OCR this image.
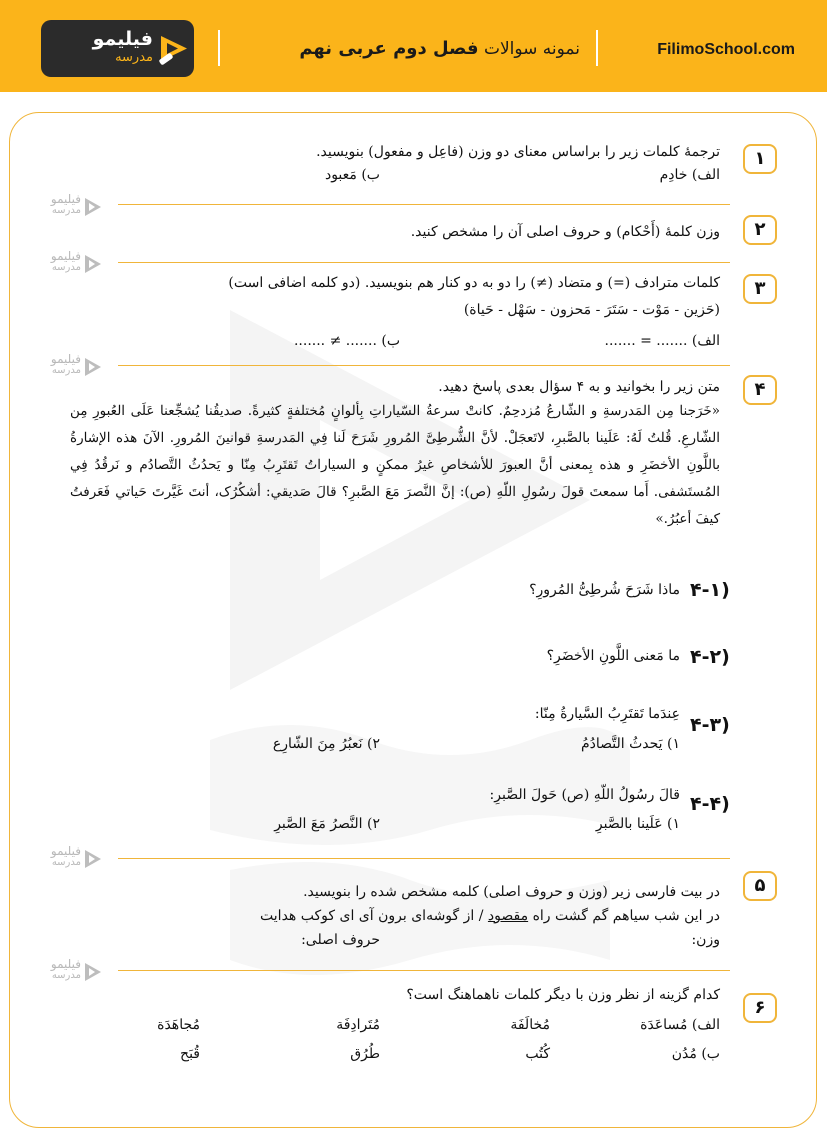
فیلیمو
مدرسه	نمونه سوالات فصل دوم عربی نهم	FilimoSchool.com
فیلیمو
مدرسه
فیلیمو
مدرسه
فیلیمو
مدرسه
فیلیمو
مدرسه
فیلیمو
مدرسه
۱
ترجمهٔ کلمات زیر را براساس معنای دو وزن (فاعِل و مفعول) بنویسید.
الف) خادِم
ب) مَعبود
۲
وزن کلمهٔ (أَحْکام) و حروف اصلی آن را مشخص کنید.
۳
کلمات مترادف (=) و متضاد (≠) را دو به دو کنار هم بنویسید. (دو کلمه اضافی است)
(حَزین - مَوْت - سَتَرَ - مَحزون - سَهْل - حَیاة)
الف) ....... = .......
ب) ....... ≠ .......
۴
متن زیر را بخوانید و به ۴ سؤال بعدی پاسخ دهید.
«خَرَجنا مِن المَدرسةِ و الشّارعُ مُزدحِمٌ. کانتْ سرعةُ السّیاراتِ بِألوانٍ مُختلفةٍ کثیرةً. صدیقُنا یُشجِّعنا عَلَی العُبورِ مِن الشّارعِ. قُلتُ لَهُ: عَلَینا بالصَّبرِ، لاتَعجَلْ. لأنَّ الشُّرطِیَّ المُرورِ شَرَحَ لَنا فِي المَدرسةِ قوانینَ المُرورِ. الآنَ هذه الإشارةُ باللَّونِ الأخضَرِ و هذه بِمعنی أنَّ العبورَ للأشخاصِ غیرُ ممکنٍ و السیاراتُ تَقتَرِبُ مِنّا و یَحدُثُ التَّصادُم و نَرقُدُ فِي المُستَشفی. أَما سمعتَ قولَ رسُولِ اللّهِ (ص): إنَّ النَّصرَ مَعَ الصَّبرِ؟ قالَ صَدیقي: أشکُرُک، أنتَ غَیَّرتَ حَیاتي فَعَرفتُ کیفَ أعبُرُ.»
۴-۱)
ماذا شَرَحَ شُرطِیُّ المُرورِ؟
۴-۲)
ما مَعنی اللَّونِ الأخضَرِ؟
۴-۳)
عِندَما تَقتَرِبُ السَّیارةُ مِنّا:
۱) یَحدثُ التَّصادُمُ
۲) نَعبُرُ مِنَ الشّارِع
۴-۴)
قالَ رسُولُ اللّهِ (ص) حَولَ الصَّبرِ:
۱) عَلَینا بالصَّبرِ
۲) النَّصرُ مَعَ الصَّبرِ
۵
در بیت فارسی زیر (وزن و حروف اصلی) کلمه مشخص شده را بنویسید.
در این شب سیاهم گم گشت راه مقصود / از گوشه‌ای برون آی ای کوکب هدایت
وزن:
حروف اصلی:
۶
کدام گزینه از نظر وزن با دیگر کلمات ناهماهنگ است؟
الف) مُساعَدَة
مُخالَفَة
مُتَرادِفَة
مُجاهَدَة
ب) مُدُن
کُتُب
طُرُق
قُبَح
